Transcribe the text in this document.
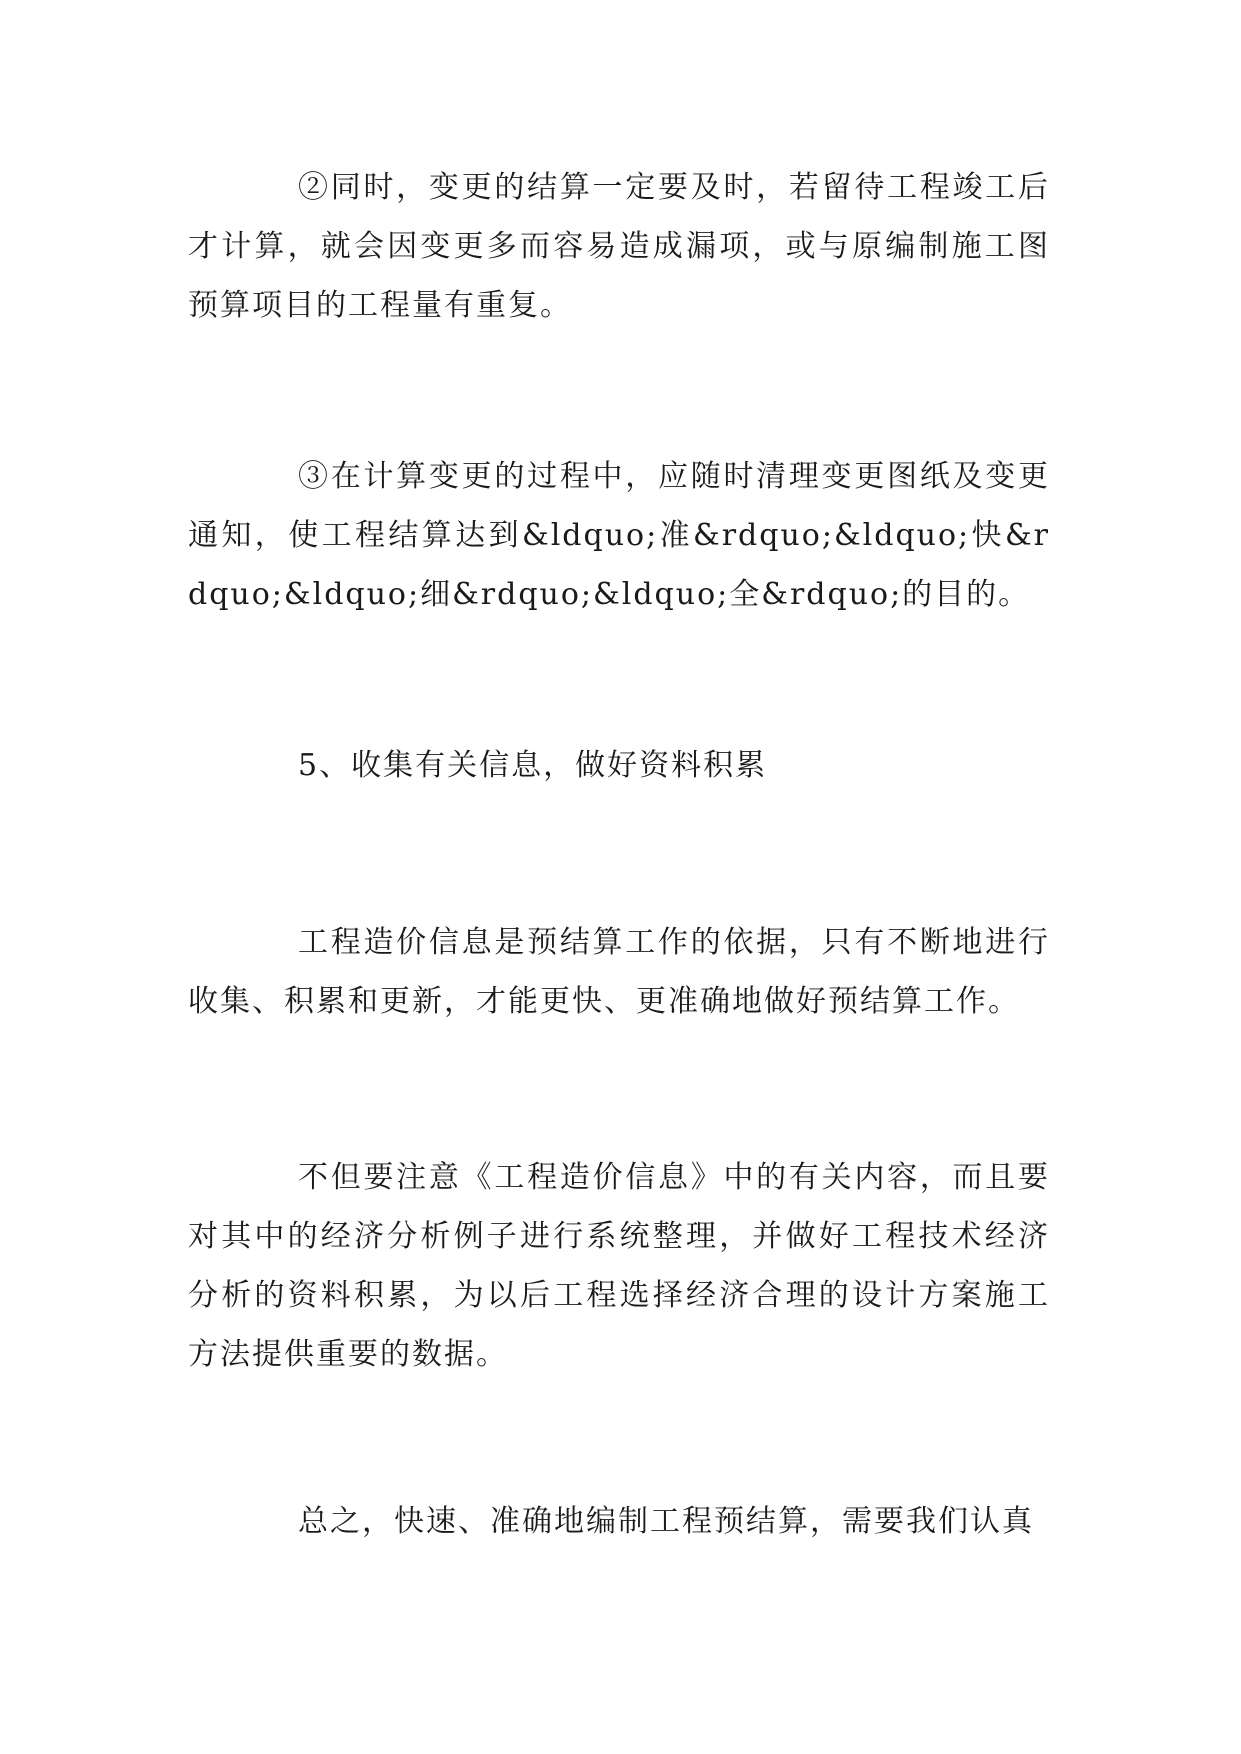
②同时，变更的结算一定要及时，若留待工程竣工后才计算，就会因变更多而容易造成漏项，或与原编制施工图预算项目的工程量有重复。

③在计算变更的过程中，应随时清理变更图纸及变更通知，使工程结算达到&ldquo;准&rdquo;&ldquo;快&rdquo;&ldquo;细&rdquo;&ldquo;全&rdquo;的目的。

5、收集有关信息，做好资料积累

工程造价信息是预结算工作的依据，只有不断地进行收集、积累和更新，才能更快、更准确地做好预结算工作。

不但要注意《工程造价信息》中的有关内容，而且要对其中的经济分析例子进行系统整理，并做好工程技术经济分析的资料积累，为以后工程选择经济合理的设计方案施工方法提供重要的数据。

总之，快速、准确地编制工程预结算，需要我们认真
